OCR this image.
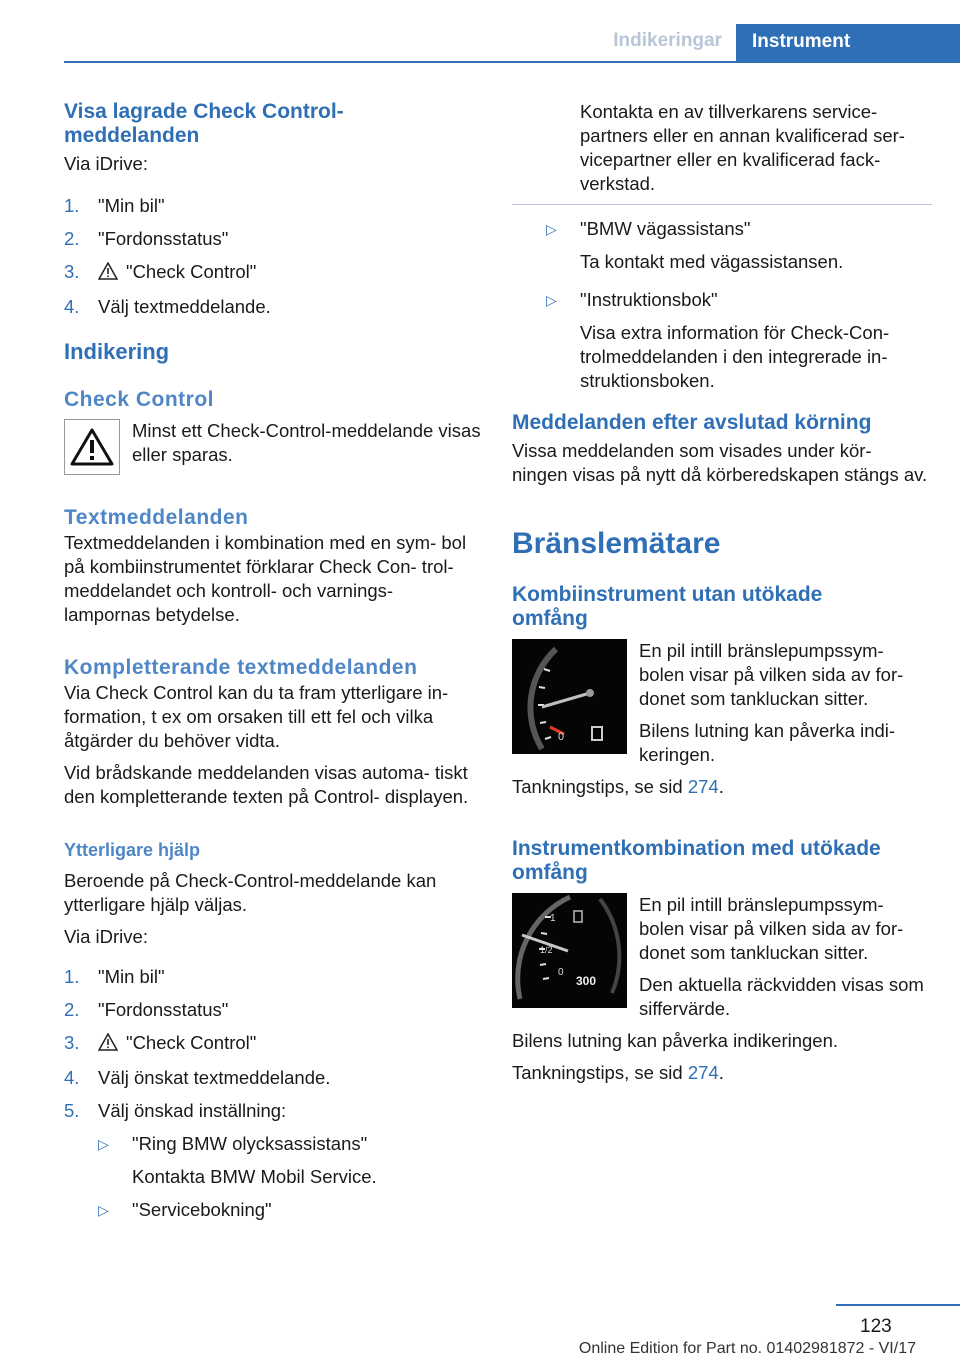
Indikeringar	Instrument
Visa lagrade Check Control-meddelanden

Via iDrive:

1. "Min bil"
2. "Fordonsstatus"
3.	"Check Control"
4. Välj textmeddelande.
Indikering
Check Control

Minst ett Check-Control-meddelande visas eller sparas.

Textmeddelanden

Textmeddelanden i kombination med en sym- bol på kombiinstrumentet förklarar Check Con- trol-meddelandet och kontroll- och varnings- lampornas betydelse.

Kompletterande textmeddelanden

Via Check Control kan du ta fram ytterligare in- formation, t ex om orsaken till ett fel och vilka åtgärder du behöver vidta.

Vid brådskande meddelanden visas automa- tiskt den kompletterande texten på Control- displayen.

Ytterligare hjälp

Beroende på Check-Control-meddelande kan ytterligare hjälp väljas.

Via iDrive:

1. "Min bil"
2. "Fordonsstatus"
3.	"Check Control"
4. Välj önskat textmeddelande.
5. Välj önskad inställning:
▷ "Ring BMW olycksassistans"
Kontakta BMW Mobil Service.
▷ "Servicebokning"

Kontakta en av tillverkarens service- partners eller en annan kvalificerad ser- vicepartner eller en kvalificerad fack- verkstad.

▷ "BMW vägassistans"
Ta kontakt med vägassistansen.
▷ "Instruktionsbok"
Visa extra information för Check-Con- trolmeddelanden i den integrerade in- struktionsboken.
Meddelanden efter avslutad körning

Vissa meddelanden som visades under kör- ningen visas på nytt då körberedskapen stängs av.

Bränslemätare
Kombiinstrument utan utökade omfång
0

En pil intill bränslepumpssym- bolen visar på vilken sida av for- donet som tankluckan sitter.

Bilens lutning kan påverka indi- keringen.

Tankningstips, se sid 274.

Instrumentkombination med utökade omfång
1
1/2
0
300

En pil intill bränslepumpssym- bolen visar på vilken sida av for- donet som tankluckan sitter.

Den aktuella räckvidden visas som siffervärde.

Bilens lutning kan påverka indikeringen.

Tankningstips, se sid 274.

123
Online Edition for Part no. 01402981872 - VI/17
